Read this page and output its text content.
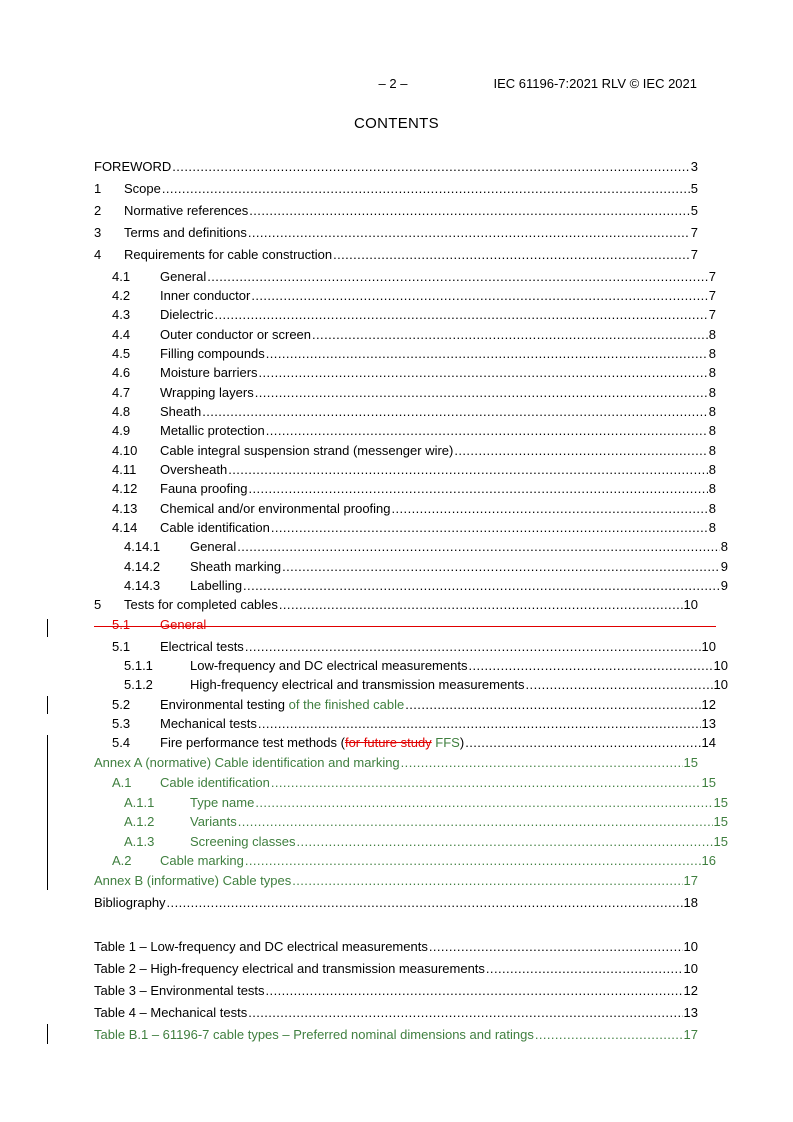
– 2 –	IEC 61196-7:2021 RLV © IEC 2021
CONTENTS
FOREWORD .....	3
1	Scope .....	5
2	Normative references .....	5
3	Terms and definitions .....	7
4	Requirements for cable construction .....	7
4.1	General .....	7
4.2	Inner conductor .....	7
4.3	Dielectric .....	7
4.4	Outer conductor or screen .....	8
4.5	Filling compounds .....	8
4.6	Moisture barriers .....	8
4.7	Wrapping layers .....	8
4.8	Sheath .....	8
4.9	Metallic protection .....	8
4.10	Cable integral suspension strand (messenger wire) .....	8
4.11	Oversheath .....	8
4.12	Fauna proofing .....	8
4.13	Chemical and/or environmental proofing .....	8
4.14	Cable identification .....	8
4.14.1	General .....	8
4.14.2	Sheath marking .....	9
4.14.3	Labelling .....	9
5	Tests for completed cables .....	10
5.1	General
5.1	Electrical tests .....	10
5.1.1	Low-frequency and DC electrical measurements .....	10
5.1.2	High-frequency electrical and transmission measurements .....	10
5.2	Environmental testing of the finished cable .....	12
5.3	Mechanical tests .....	13
5.4	Fire performance test methods (for future study FFS) .....	14
Annex A (normative) Cable identification and marking .....	15
A.1	Cable identification .....	15
A.1.1	Type name .....	15
A.1.2	Variants .....	15
A.1.3	Screening classes .....	15
A.2	Cable marking .....	16
Annex B (informative) Cable types .....	17
Bibliography .....	18
Table 1 – Low-frequency and DC electrical measurements .....	10
Table 2 – High-frequency electrical and transmission measurements .....	10
Table 3 – Environmental tests .....	12
Table 4 – Mechanical tests .....	13
Table B.1 – 61196-7 cable types – Preferred nominal dimensions and ratings .....	17
